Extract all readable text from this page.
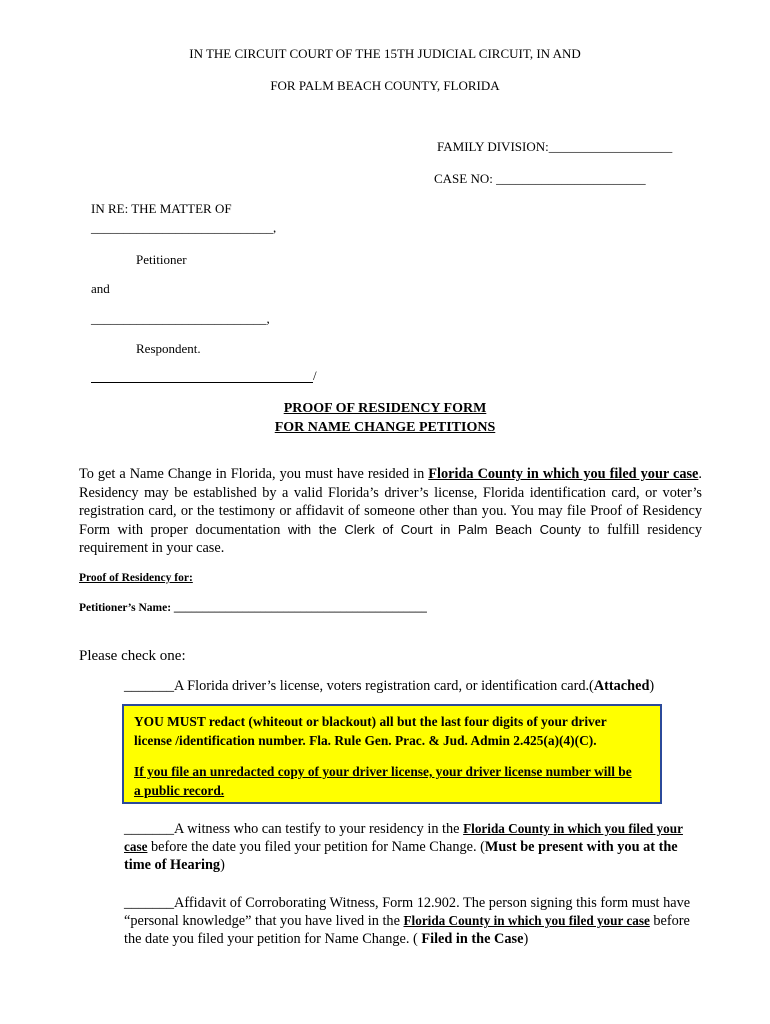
IN THE CIRCUIT COURT OF THE 15TH JUDICIAL CIRCUIT, IN AND
FOR PALM BEACH COUNTY, FLORIDA
FAMILY DIVISION:___________________
CASE NO: _______________________
IN RE: THE MATTER OF
____________________________,
Petitioner
and
___________________________,
Respondent.
/
PROOF OF RESIDENCY FORM
FOR NAME CHANGE PETITIONS
To get a Name Change in Florida, you must have resided in Florida County in which you filed your case. Residency may be established by a valid Florida’s driver’s license, Florida identification card, or voter’s registration card, or the testimony or affidavit of someone other than you. You may file Proof of Residency Form with proper documentation with the Clerk of Court in Palm Beach County to fulfill residency requirement in your case.
Proof of Residency for:
Petitioner’s Name: ____________________________________________
Please check one:
_______A Florida driver’s license, voters registration card, or identification card.(Attached)
YOU MUST redact (whiteout or blackout) all but the last four digits of your driver
license /identification number. Fla. Rule Gen. Prac. & Jud. Admin 2.425(a)(4)(C).
If you file an unredacted copy of your driver license, your driver license number will be
a public record.
_______A witness who can testify to your residency in the Florida County in which you filed your case before the date you filed your petition for Name Change. (Must be present with you at the time of Hearing)
_______Affidavit of Corroborating Witness, Form 12.902. The person signing this form must have “personal knowledge” that you have lived in the Florida County in which you filed your case before the date you filed your petition for Name Change. ( Filed in the Case)
